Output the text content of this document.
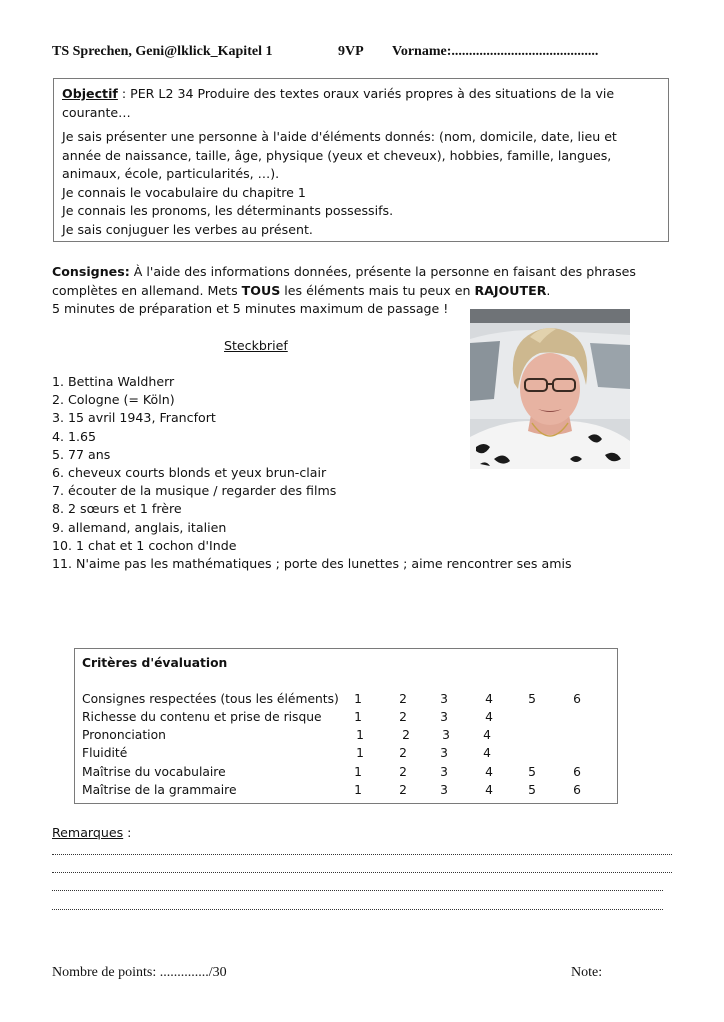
TS Sprechen, Geni@lklick_Kapitel 1	9VP Vorname:..........................................

Objectif : PER L2 34 Produire des textes oraux variés propres à des situations de la vie courante…

Je sais présenter une personne à l'aide d'éléments donnés: (nom, domicile, date, lieu et année de naissance, taille, âge, physique (yeux et cheveux), hobbies, famille, langues, animaux, école, particularités, …).

Je connais le vocabulaire du chapitre 1

Je connais les pronoms, les déterminants possessifs.

Je sais conjuguer les verbes au présent.

Consignes: À l'aide des informations données, présente la personne en faisant des phrases complètes en allemand. Mets TOUS les éléments mais tu peux en RAJOUTER.

5 minutes de préparation et 5 minutes maximum de passage !

Steckbrief
1. Bettina Waldherr
2. Cologne (= Köln)
3. 15 avril 1943, Francfort
4. 1.65
5. 77 ans
6. cheveux courts blonds et yeux brun-clair
7. écouter de la musique / regarder des films
8. 2 sœurs et 1 frère
9. allemand, anglais, italien
10. 1 chat et 1 cochon d'Inde
11. N'aime pas les mathématiques ; porte des lunettes ; aime rencontrer ses amis
Critères d'évaluation
Consignes respectées (tous les éléments) 1	2	3	4	5	6
Richesse du contenu et prise de risque	1	2	3	4
Prononciation	1	2	3	4
Fluidité	1	2	3	4
Maîtrise du vocabulaire	1	2	3	4	5	6
Maîtrise de la grammaire	1	2	3	4	5	6
Remarques :
Nombre de points: ............../30	Note:
